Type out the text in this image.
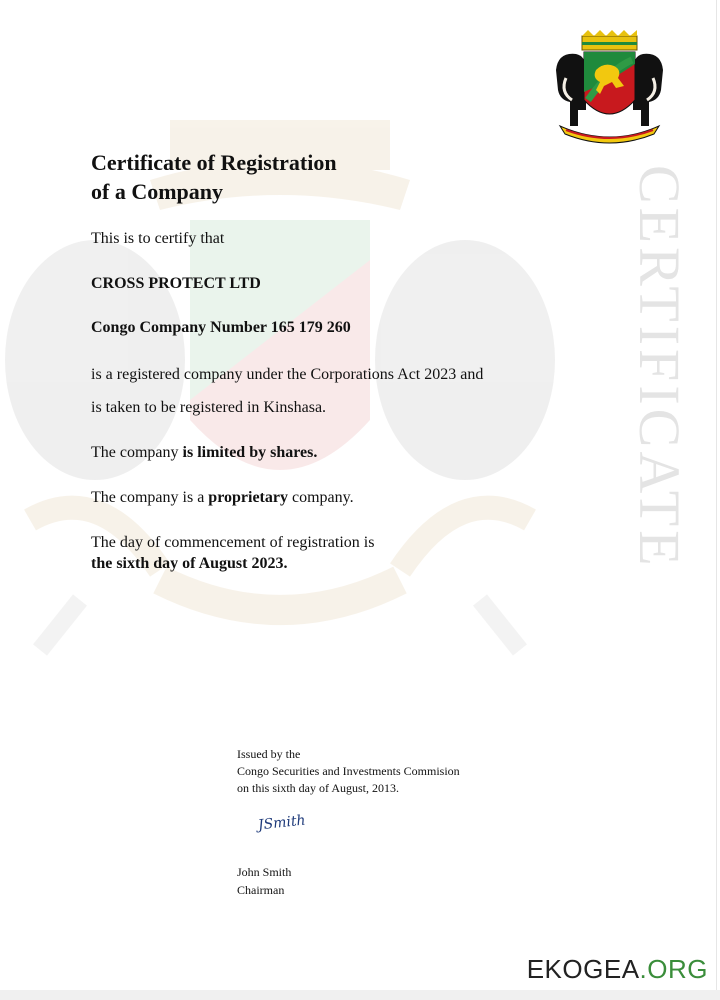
CERTIFICATE
Certificate of Registration
of a Company
This is to certify that
CROSS PROTECT LTD
Congo Company Number 165 179 260
is a registered company under the Corporations Act 2023 and
is taken to be registered in Kinshasa.
The company is limited by shares.
The company is a proprietary company.
The day of commencement of registration is
the sixth day of August 2023.
Issued by the
Congo Securities and Investments Commision
on this sixth day of August, 2013.
JSmith
John Smith
Chairman
EKOGEA.ORG
